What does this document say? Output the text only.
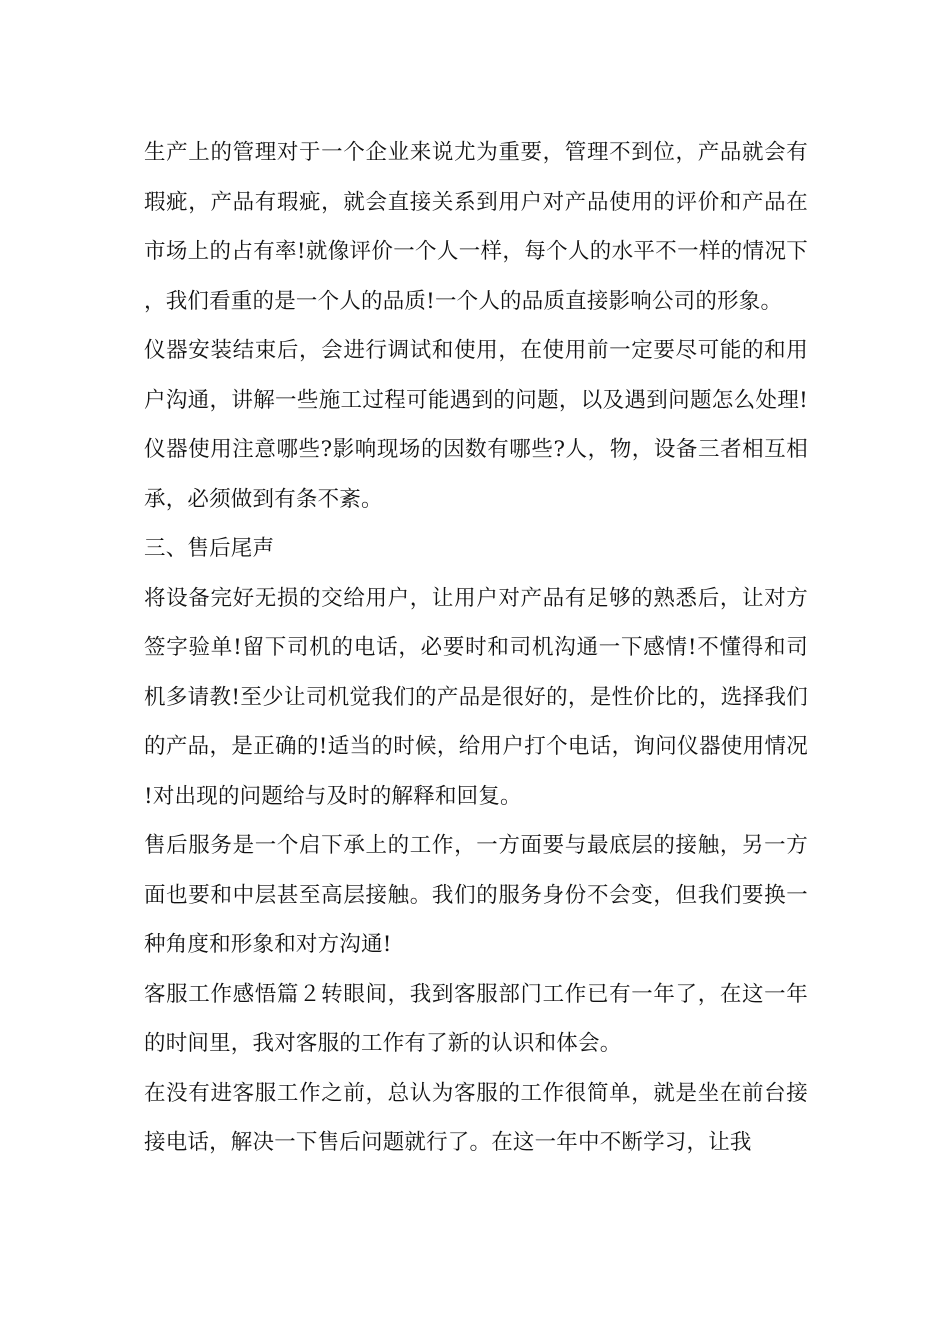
生产上的管理对于一个企业来说尤为重要，管理不到位，产品就会有瑕疵，产品有瑕疵，就会直接关系到用户对产品使用的评价和产品在市场上的占有率!就像评价一个人一样，每个人的水平不一样的情况下，我们看重的是一个人的品质!一个人的品质直接影响公司的形象。

仪器安装结束后，会进行调试和使用，在使用前一定要尽可能的和用户沟通，讲解一些施工过程可能遇到的问题，以及遇到问题怎么处理!仪器使用注意哪些?影响现场的因数有哪些?人，物，设备三者相互相承，必须做到有条不紊。

三、售后尾声

将设备完好无损的交给用户，让用户对产品有足够的熟悉后，让对方签字验单!留下司机的电话，必要时和司机沟通一下感情!不懂得和司机多请教!至少让司机觉我们的产品是很好的，是性价比的，选择我们的产品，是正确的!适当的时候，给用户打个电话，询问仪器使用情况!对出现的问题给与及时的解释和回复。

售后服务是一个启下承上的工作，一方面要与最底层的接触，另一方面也要和中层甚至高层接触。我们的服务身份不会变，但我们要换一种角度和形象和对方沟通!

客服工作感悟篇２转眼间，我到客服部门工作已有一年了，在这一年的时间里，我对客服的工作有了新的认识和体会。

在没有进客服工作之前，总认为客服的工作很简单，就是坐在前台接接电话，解决一下售后问题就行了。在这一年中不断学习，让我
